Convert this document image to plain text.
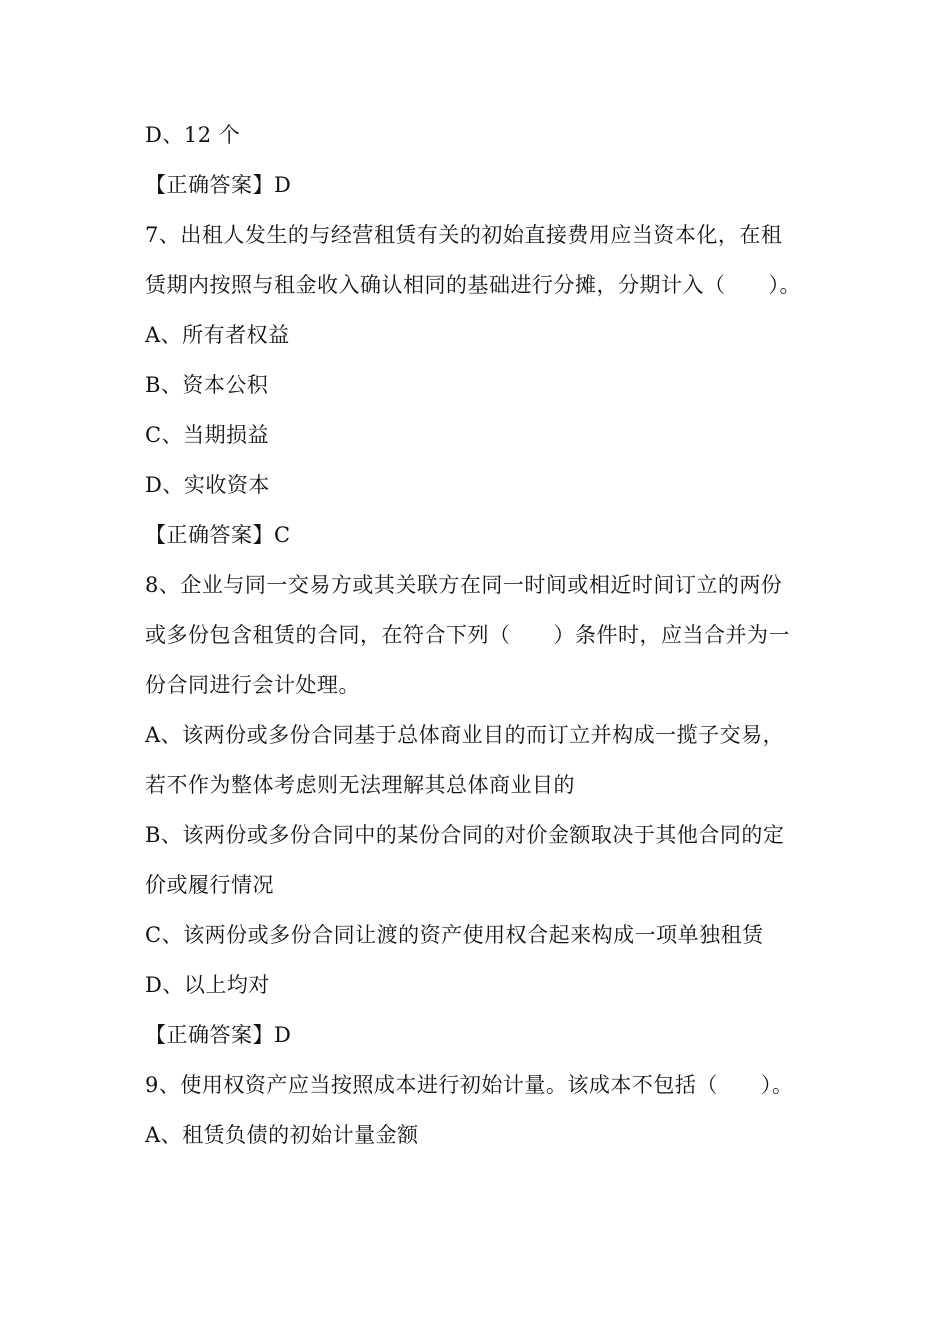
D、12 个
【正确答案】D
7、出租人发生的与经营租赁有关的初始直接费用应当资本化，在租
赁期内按照与租金收入确认相同的基础进行分摊，分期计入（　　）。
A、所有者权益
B、资本公积
C、当期损益
D、实收资本
【正确答案】C
8、企业与同一交易方或其关联方在同一时间或相近时间订立的两份
或多份包含租赁的合同，在符合下列（　　）条件时，应当合并为一
份合同进行会计处理。
A、该两份或多份合同基于总体商业目的而订立并构成一揽子交易，
若不作为整体考虑则无法理解其总体商业目的
B、该两份或多份合同中的某份合同的对价金额取决于其他合同的定
价或履行情况
C、该两份或多份合同让渡的资产使用权合起来构成一项单独租赁
D、以上均对
【正确答案】D
9、使用权资产应当按照成本进行初始计量。该成本不包括（　　）。
A、租赁负债的初始计量金额
